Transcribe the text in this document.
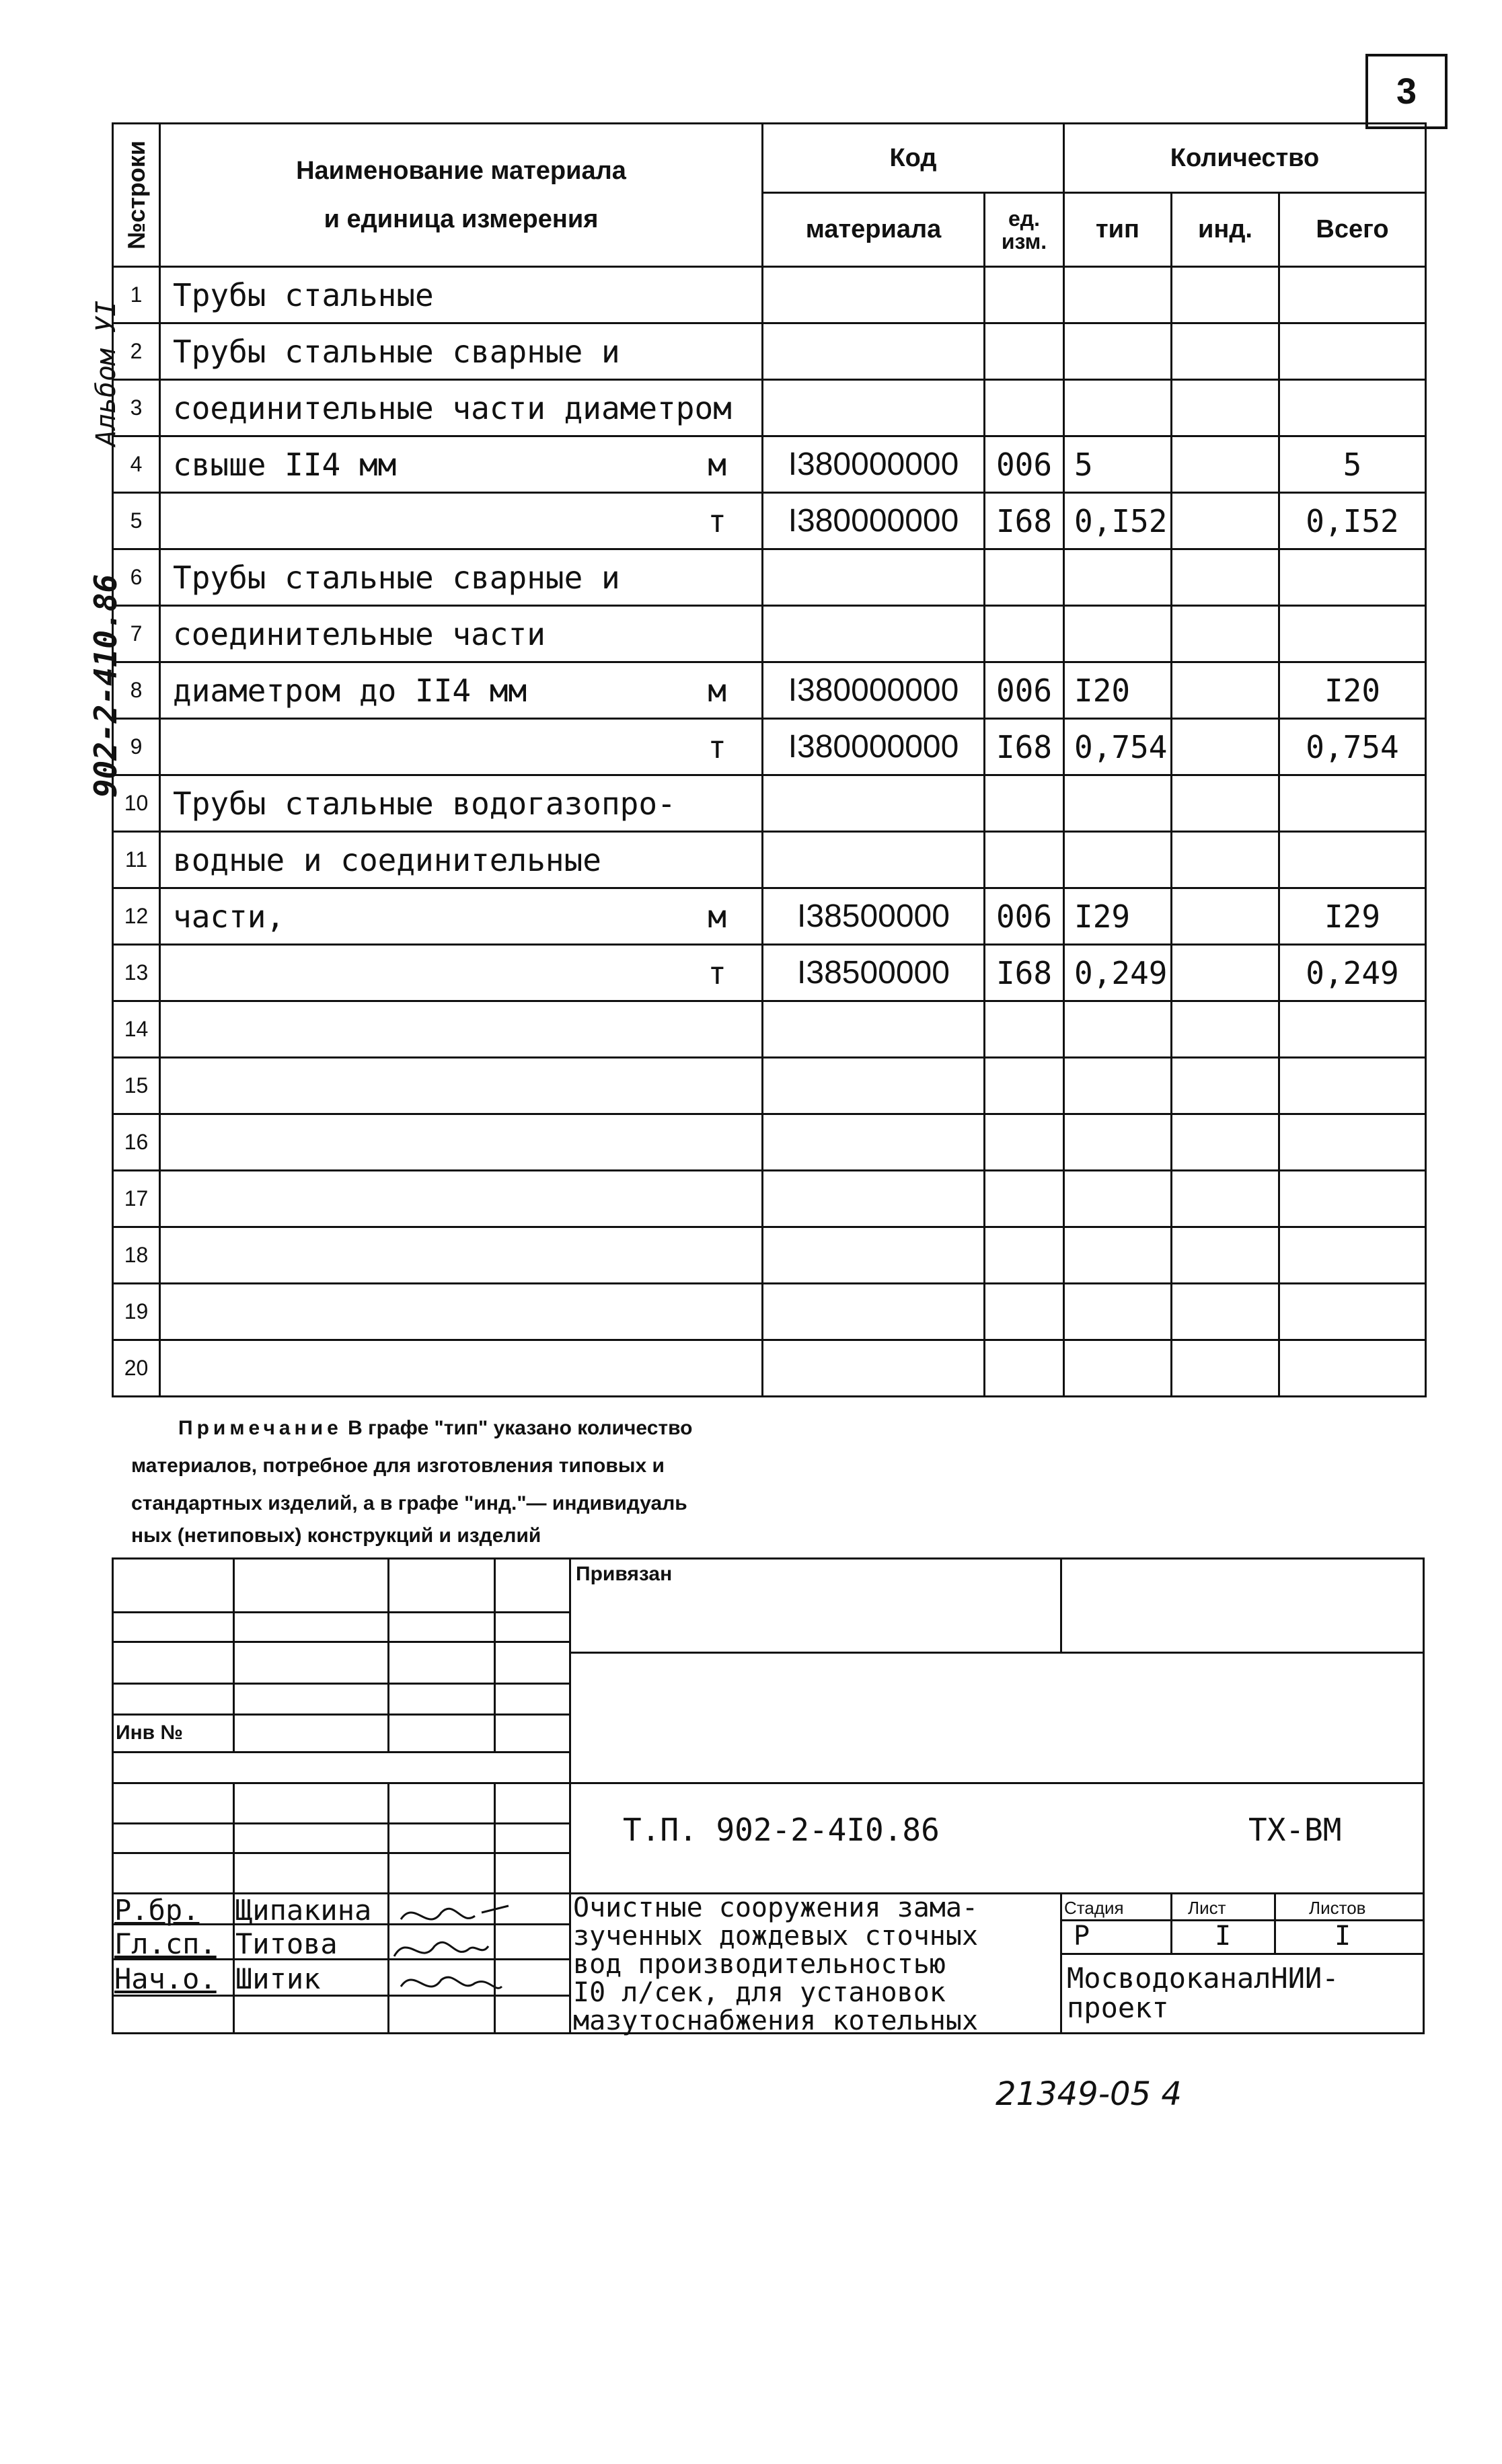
3
Альбом УІ
902-2-410.86
№строки	Наименование материала
и единица измерения	Код		Количество		
		материала	ед. изм.	тип	инд.	Всего
1	Трубы стальные					

2	Трубы стальные сварные и					

3	соединительные части диаметром					

4	свыше II4 мм м	I380000000	006	5		5
5	т	I380000000	I68	0,I52		0,I52
6	Трубы стальные сварные и					

7	соединительные части					

8	диаметром до II4 мм м	I380000000	006	I20		I20
9	т	I380000000	I68	0,754		0,754
10	Трубы стальные водогазопро-					

11	водные и соединительные					

12	части, м	I38500000	006	I29		I29
13	т	I38500000	I68	0,249		0,249
14	

15	

16	

17	

18	

19	

20	

Примечание В графе "тип" указано количество
материалов, потребное для изготовления типовых и
стандартных изделий, а в графе "инд."— индивидуаль
ных (нетиповых) конструкций и изделий
Привязан
Инв №
Т.П. 902-2-4I0.86	ТХ-ВМ
Р.бр. Щипакина
Гл.сп. Титова
Нач.о. Шитик
Очистные сооружения зама-
зученных дождевых сточных
вод производительностью
I0 л/сек, для установок
мазутоснабжения котельных
Стадия	Лист	Листов
Р	I	I
МосводоканалНИИ-
проект
21349-05 4
